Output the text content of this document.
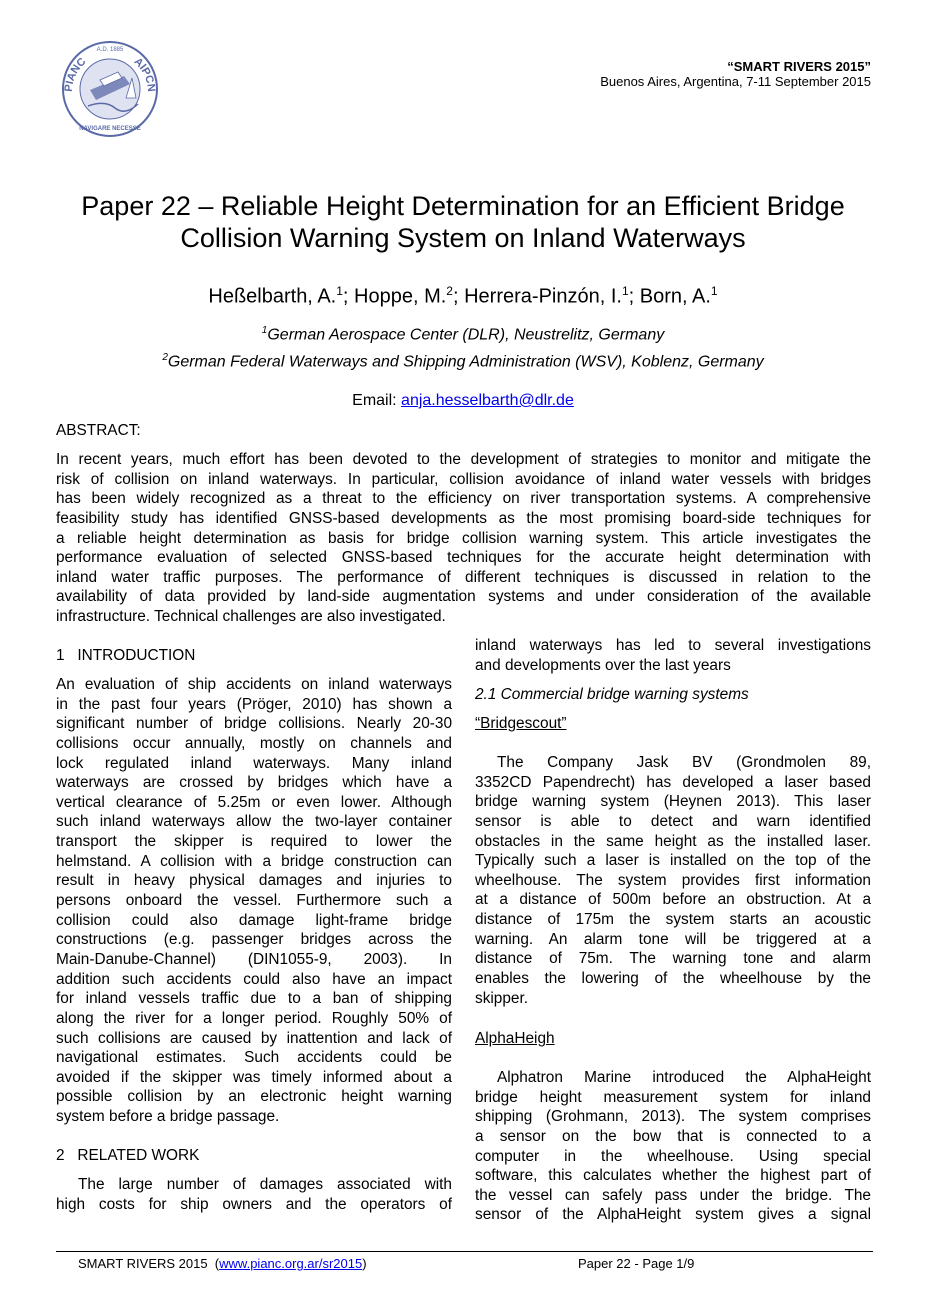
PIANC	AIPCN
A.D. 1885
NAVIGARE NECESSE
“SMART RIVERS 2015”
Buenos Aires, Argentina, 7-11 September 2015
Paper 22 – Reliable Height Determination for an Efficient Bridge
Collision Warning System on Inland Waterways
Heßelbarth, A.$^1$; Hoppe, M.$^2$; Herrera-Pinzón, I.$^1$; Born, A.$^1$
$^1$German Aerospace Center (DLR), Neustrelitz, Germany
$^2$German Federal Waterways and Shipping Administration (WSV), Koblenz, Germany
Email: anja.hesselbarth@dlr.de
ABSTRACT:
In recent years, much effort has been devoted to the development of strategies to monitor and mitigate the
risk of collision on inland waterways. In particular, collision avoidance of inland water vessels with bridges
has been widely recognized as a threat to the efficiency on river transportation systems. A comprehensive
feasibility study has identified GNSS-based developments as the most promising board-side techniques for
a reliable height determination as basis for bridge collision warning system. This article investigates the
performance evaluation of selected GNSS-based techniques for the accurate height determination with
inland water traffic purposes. The performance of different techniques is discussed in relation to the
availability of data provided by land-side augmentation systems and under consideration of the available
infrastructure. Technical challenges are also investigated.
1   INTRODUCTION
An evaluation of ship accidents on inland waterways
in the past four years (Pröger, 2010) has shown a
significant number of bridge collisions. Nearly 20-30
collisions occur annually, mostly on channels and
lock regulated inland waterways. Many inland
waterways are crossed by bridges which have a
vertical clearance of 5.25m or even lower. Although
such inland waterways allow the two-layer container
transport the skipper is required to lower the
helmstand. A collision with a bridge construction can
result in heavy physical damages and injuries to
persons onboard the vessel. Furthermore such a
collision could also damage light-frame bridge
constructions (e.g. passenger bridges across the
Main-Danube-Channel) (DIN1055-9, 2003). In
addition such accidents could also have an impact
for inland vessels traffic due to a ban of shipping
along the river for a longer period. Roughly 50% of
such collisions are caused by inattention and lack of
navigational estimates. Such accidents could be
avoided if the skipper was timely informed about a
possible collision by an electronic height warning
system before a bridge passage.
2   RELATED WORK
The large number of damages associated with
high costs for ship owners and the operators of
inland waterways has led to several investigations
and developments over the last years
2.1 Commercial bridge warning systems
“Bridgescout”
The Company Jask BV (Grondmolen 89,
3352CD Papendrecht) has developed a laser based
bridge warning system (Heynen 2013). This laser
sensor is able to detect and warn identified
obstacles in the same height as the installed laser.
Typically such a laser is installed on the top of the
wheelhouse. The system provides first information
at a distance of 500m before an obstruction. At a
distance of 175m the system starts an acoustic
warning. An alarm tone will be triggered at a
distance of 75m. The warning tone and alarm
enables the lowering of the wheelhouse by the
skipper.
AlphaHeigh
Alphatron Marine introduced the AlphaHeight
bridge height measurement system for inland
shipping (Grohmann, 2013). The system comprises
a sensor on the bow that is connected to a
computer in the wheelhouse. Using special
software, this calculates whether the highest part of
the vessel can safely pass under the bridge. The
sensor of the AlphaHeight system gives a signal
SMART RIVERS 2015  (www.pianc.org.ar/sr2015)	Paper 22 - Page 1/9
